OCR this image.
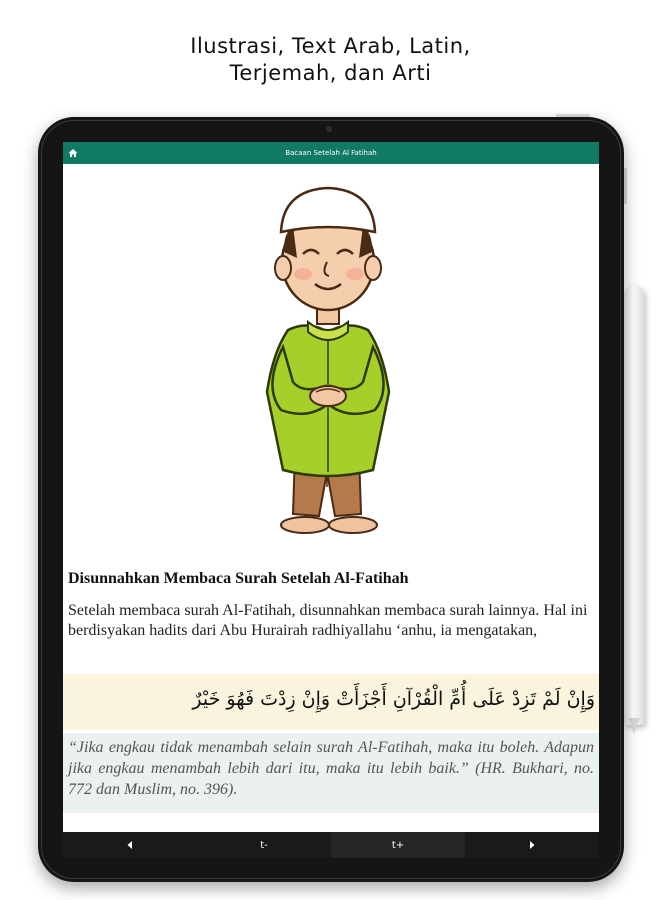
Ilustrasi, Text Arab, Latin,
Terjemah, dan Arti
Bacaan Setelah Al Fatihah
Disunnahkan Membaca Surah Setelah Al-Fatihah

Setelah membaca surah Al-Fatihah, disunnahkan membaca surah lainnya. Hal ini berdisyakan hadits dari Abu Hurairah radhiyallahu ‘anhu, ia mengatakan,

وَإِنْ لَمْ تَزِدْ عَلَى أُمِّ الْقُرْآنِ أَجْزَأَتْ وَإِنْ زِدْتَ فَهُوَ خَيْرٌ

“Jika engkau tidak menambah selain surah Al-Fatihah, maka itu boleh. Adapun jika engkau menambah lebih dari itu, maka itu lebih baik.” (HR. Bukhari, no. 772 dan Muslim, no. 396).

t-	t+
